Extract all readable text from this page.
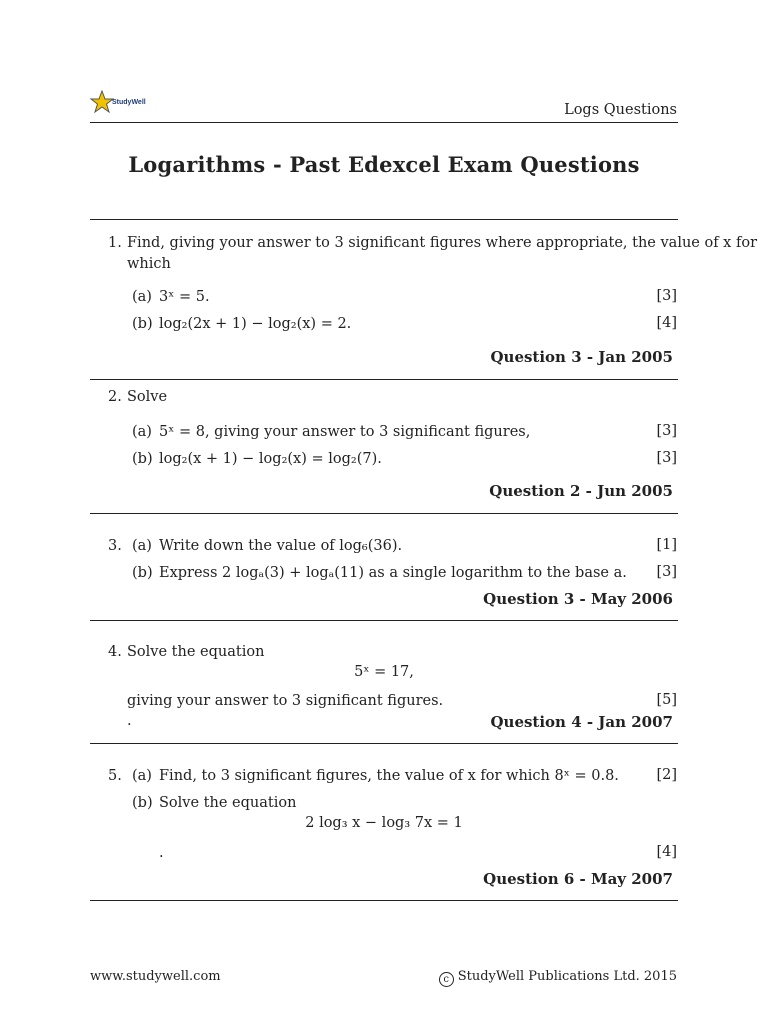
StudyWell	Logs Questions
Logarithms - Past Edexcel Exam Questions
1. Find, giving your answer to 3 significant figures where appropriate, the value of x for
which
(a) 3ˣ = 5.	[3]
(b) log₂(2x + 1) − log₂(x) = 2.	[4]
Question 3 - Jan 2005
2. Solve
(a) 5ˣ = 8, giving your answer to 3 significant figures,	[3]
(b) log₂(x + 1) − log₂(x) = log₂(7).	[3]
Question 2 - Jun 2005
3. (a) Write down the value of log₆(36).	[1]
(b) Express 2 logₐ(3) + logₐ(11) as a single logarithm to the base a. [3]
Question 3 - May 2006
4. Solve the equation
5ˣ = 17,
giving your answer to 3 significant figures.	[5]
.	Question 4 - Jan 2007
5. (a) Find, to 3 significant figures, the value of x for which 8ˣ = 0.8.	[2]
(b) Solve the equation
2 log₃ x − log₃ 7x = 1
.	[4]
Question 6 - May 2007
www.studywell.com	c StudyWell Publications Ltd. 2015
